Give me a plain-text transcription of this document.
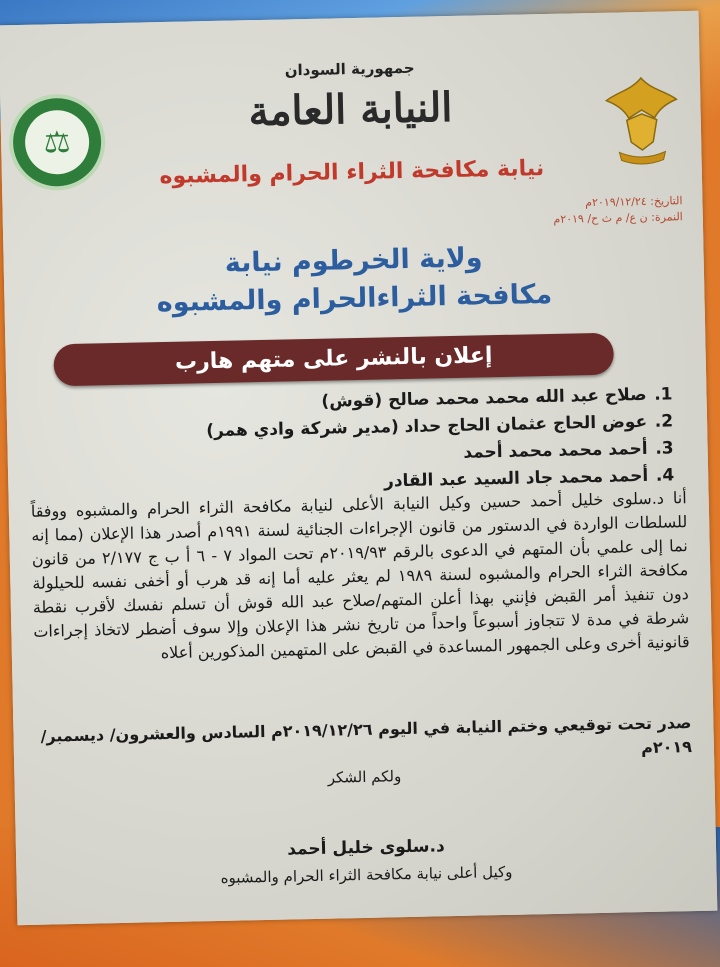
⚖
جمهورية السودان
النيابة العامة
نيابة مكافحة الثراء الحرام والمشبوه
التاريخ: ٢٠١٩/١٢/٢٤م
النمرة: ن ع/ م ث ح/ ٢٠١٩م
ولاية الخرطوم نيابة
مكافحة الثراءالحرام والمشبوه
إعلان بالنشر على متهم هارب
1.صلاح عبد الله محمد محمد صالح (قوش)
2.عوض الحاج عثمان الحاج حداد (مدير شركة وادي همر)
3.أحمد محمد محمد أحمد
4.أحمد محمد جاد السيد عبد القادر

أنا د.سلوى خليل أحمد حسين وكيل النيابة الأعلى لنيابة مكافحة الثراء الحرام والمشبوه ووفقاً للسلطات الواردة في الدستور من قانون الإجراءات الجنائية لسنة ١٩٩١م أصدر هذا الإعلان (مما إنه نما إلى علمي بأن المتهم في الدعوى بالرقم ٢٠١٩/٩٣م تحت المواد ٧ - ٦ أ ب ج ٢/١٧٧ من قانون مكافحة الثراء الحرام والمشبوه لسنة ١٩٨٩ لم يعثر عليه أما إنه قد هرب أو أخفى نفسه للحيلولة دون تنفيذ أمر القبض فإنني بهذا أعلن المتهم/صلاح عبد الله قوش أن تسلم نفسك لأقرب نقطة شرطة في مدة لا تتجاوز أسبوعاً واحداً من تاريخ نشر هذا الإعلان وإلا سوف أضطر لاتخاذ إجراءات قانونية أخرى وعلى الجمهور المساعدة في القبض على المتهمين المذكورين أعلاه

صدر تحت توقيعي وختم النيابة في اليوم ٢٠١٩/١٢/٢٦م السادس والعشرون/ ديسمبر/٢٠١٩م

ولكم الشكر
د.سلوى خليل أحمد
وكيل أعلى نيابة مكافحة الثراء الحرام والمشبوه
